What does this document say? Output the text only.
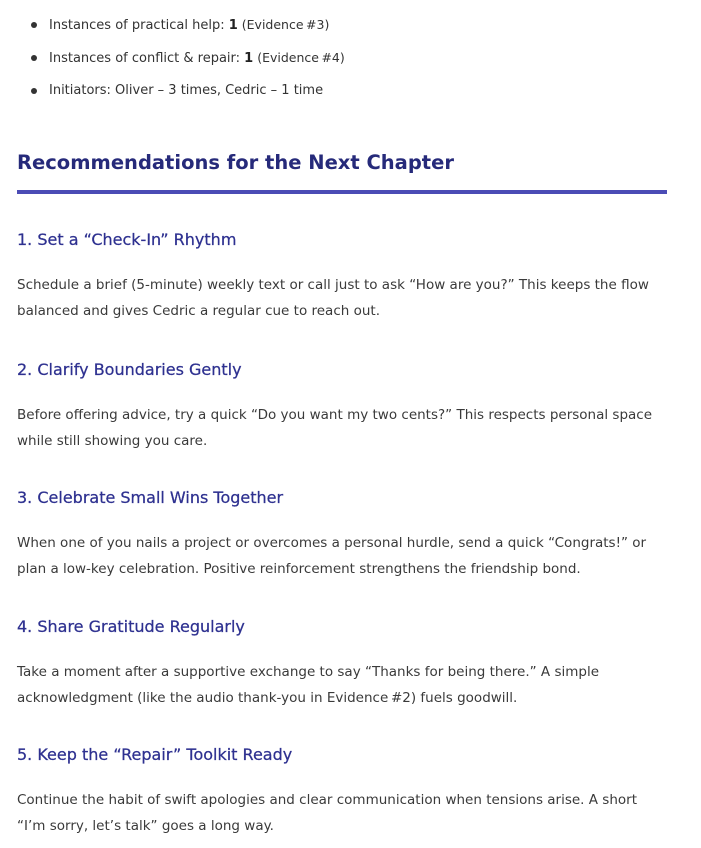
Instances of practical help: 1 (Evidence #3)
Instances of conflict & repair: 1 (Evidence #4)
Initiators: Oliver – 3 times, Cedric – 1 time
Recommendations for the Next Chapter
1. Set a “Check-In” Rhythm

Schedule a brief (5-minute) weekly text or call just to ask “How are you?” This keeps the flow balanced and gives Cedric a regular cue to reach out.

2. Clarify Boundaries Gently

Before offering advice, try a quick “Do you want my two cents?” This respects personal space while still showing you care.

3. Celebrate Small Wins Together

When one of you nails a project or overcomes a personal hurdle, send a quick “Congrats!” or plan a low-key celebration. Positive reinforcement strengthens the friendship bond.

4. Share Gratitude Regularly

Take a moment after a supportive exchange to say “Thanks for being there.” A simple acknowledgment (like the audio thank-you in Evidence #2) fuels goodwill.

5. Keep the “Repair” Toolkit Ready

Continue the habit of swift apologies and clear communication when tensions arise. A short “I’m sorry, let’s talk” goes a long way.
